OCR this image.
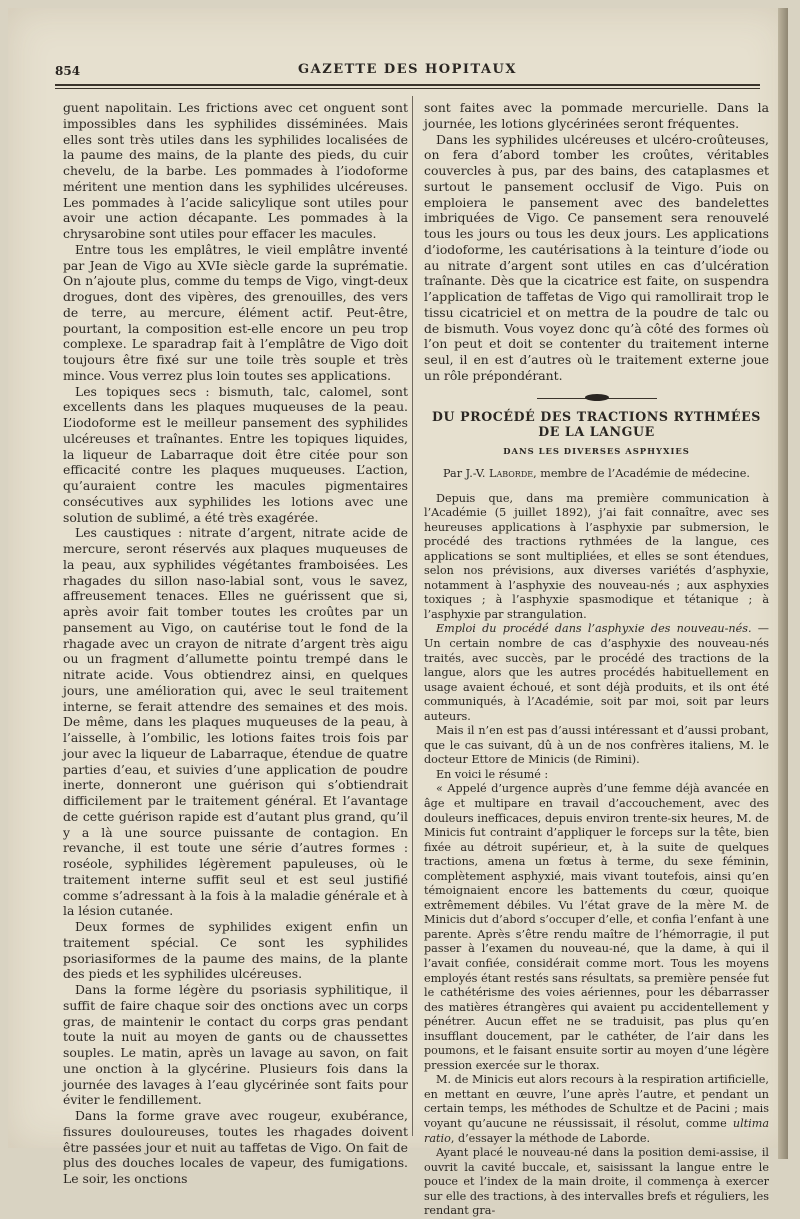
854	GAZETTE DES HOPITAUX

guent napolitain. Les frictions avec cet onguent sont impossibles dans les syphilides disséminées. Mais elles sont très utiles dans les syphilides localisées de la paume des mains, de la plante des pieds, du cuir chevelu, de la barbe. Les pommades à l’iodoforme méritent une mention dans les syphilides ulcéreuses. Les pommades à l’acide salicylique sont utiles pour avoir une action décapante. Les pommades à la chrysarobine sont utiles pour effacer les macules.

Entre tous les emplâtres, le vieil emplâtre inventé par Jean de Vigo au XVIe siècle garde la suprématie. On n’ajoute plus, comme du temps de Vigo, vingt-deux drogues, dont des vipères, des grenouilles, des vers de terre, au mercure, élément actif. Peut-être, pourtant, la composition est-elle encore un peu trop complexe. Le sparadrap fait à l’emplâtre de Vigo doit toujours être fixé sur une toile très souple et très mince. Vous verrez plus loin toutes ses applications.

Les topiques secs : bismuth, talc, calomel, sont excellents dans les plaques muqueuses de la peau. L’iodoforme est le meilleur pansement des syphilides ulcéreuses et traînantes. Entre les topiques liquides, la liqueur de Labarraque doit être citée pour son efficacité contre les plaques muqueuses. L’action, qu’auraient contre les macules pigmentaires consécutives aux syphilides les lotions avec une solution de sublimé, a été très exagérée.

Les caustiques : nitrate d’argent, nitrate acide de mercure, seront réservés aux plaques muqueuses de la peau, aux syphilides végétantes framboisées. Les rhagades du sillon naso-labial sont, vous le savez, affreusement tenaces. Elles ne guérissent que si, après avoir fait tomber toutes les croûtes par un pansement au Vigo, on cautérise tout le fond de la rhagade avec un crayon de nitrate d’argent très aigu ou un fragment d’allumette pointu trempé dans le nitrate acide. Vous obtiendrez ainsi, en quelques jours, une amélioration qui, avec le seul traitement interne, se ferait attendre des semaines et des mois. De même, dans les plaques muqueuses de la peau, à l’aisselle, à l’ombilic, les lotions faites trois fois par jour avec la liqueur de Labarraque, étendue de quatre parties d’eau, et suivies d’une application de poudre inerte, donneront une guérison qui s’obtiendrait difficilement par le traitement général. Et l’avantage de cette guérison rapide est d’autant plus grand, qu’il y a là une source puissante de contagion. En revanche, il est toute une série d’autres formes : roséole, syphilides légèrement papuleuses, où le traitement interne suffit seul et est seul justifié comme s’adressant à la fois à la maladie générale et à la lésion cutanée.

Deux formes de syphilides exigent enfin un traitement spécial. Ce sont les syphilides psoriasiformes de la paume des mains, de la plante des pieds et les syphilides ulcéreuses.

Dans la forme légère du psoriasis syphilitique, il suffit de faire chaque soir des onctions avec un corps gras, de maintenir le contact du corps gras pendant toute la nuit au moyen de gants ou de chaussettes souples. Le matin, après un lavage au savon, on fait une onction à la glycérine. Plusieurs fois dans la journée des lavages à l’eau glycérinée sont faits pour éviter le fendillement.

Dans la forme grave avec rougeur, exubérance, fissures douloureuses, toutes les rhagades doivent être passées jour et nuit au taffetas de Vigo. On fait de plus des douches locales de vapeur, des fumigations. Le soir, les onctions

sont faites avec la pommade mercurielle. Dans la journée, les lotions glycérinées seront fréquentes.

Dans les syphilides ulcéreuses et ulcéro-croûteuses, on fera d’abord tomber les croûtes, véritables couvercles à pus, par des bains, des cataplasmes et surtout le pansement occlusif de Vigo. Puis on emploiera le pansement avec des bandelettes imbriquées de Vigo. Ce pansement sera renouvelé tous les jours ou tous les deux jours. Les applications d’iodoforme, les cautérisations à la teinture d’iode ou au nitrate d’argent sont utiles en cas d’ulcération traînante. Dès que la cicatrice est faite, on suspendra l’application de taffetas de Vigo qui ramollirait trop le tissu cicatriciel et on mettra de la poudre de talc ou de bismuth. Vous voyez donc qu’à côté des formes où l’on peut et doit se contenter du traitement interne seul, il en est d’autres où le traitement externe joue un rôle prépondérant.

DU PROCÉDÉ DES TRACTIONS RYTHMÉES DE LA LANGUE
DANS LES DIVERSES ASPHYXIES
Par J.-V. Laborde, membre de l’Académie de médecine.

Depuis que, dans ma première communication à l’Académie (5 juillet 1892), j’ai fait connaître, avec ses heureuses applications à l’asphyxie par submersion, le procédé des tractions rythmées de la langue, ces applications se sont multipliées, et elles se sont étendues, selon nos prévisions, aux diverses variétés d’asphyxie, notamment à l’asphyxie des nouveau-nés ; aux asphyxies toxiques ; à l’asphyxie spasmodique et tétanique ; à l’asphyxie par strangulation.

Emploi du procédé dans l’asphyxie des nouveau-nés. — Un certain nombre de cas d’asphyxie des nouveau-nés traités, avec succès, par le procédé des tractions de la langue, alors que les autres procédés habituellement en usage avaient échoué, et sont déjà produits, et ils ont été communiqués, à l’Académie, soit par moi, soit par leurs auteurs.

Mais il n’en est pas d’aussi intéressant et d’aussi probant, que le cas suivant, dû à un de nos confrères italiens, M. le docteur Ettore de Minicis (de Rimini).

En voici le résumé :

« Appelé d’urgence auprès d’une femme déjà avancée en âge et multipare en travail d’accouchement, avec des douleurs inefficaces, depuis environ trente-six heures, M. de Minicis fut contraint d’appliquer le forceps sur la tête, bien fixée au détroit supérieur, et, à la suite de quelques tractions, amena un fœtus à terme, du sexe féminin, complètement asphyxié, mais vivant toutefois, ainsi qu’en témoignaient encore les battements du cœur, quoique extrêmement débiles. Vu l’état grave de la mère M. de Minicis dut d’abord s’occuper d’elle, et confia l’enfant à une parente. Après s’être rendu maître de l’hémorragie, il put passer à l’examen du nouveau-né, que la dame, à qui il l’avait confiée, considérait comme mort. Tous les moyens employés étant restés sans résultats, sa première pensée fut le cathétérisme des voies aériennes, pour les débarrasser des matières étrangères qui avaient pu accidentellement y pénétrer. Aucun effet ne se traduisit, pas plus qu’en insufflant doucement, par le cathéter, de l’air dans les poumons, et le faisant ensuite sortir au moyen d’une légère pression exercée sur le thorax.

M. de Minicis eut alors recours à la respiration artificielle, en mettant en œuvre, l’une après l’autre, et pendant un certain temps, les méthodes de Schultze et de Pacini ; mais voyant qu’aucune ne réussissait, il résolut, comme ultima ratio, d’essayer la méthode de Laborde.

Ayant placé le nouveau-né dans la position demi-assise, il ouvrit la cavité buccale, et, saisissant la langue entre le pouce et l’index de la main droite, il commença à exercer sur elle des tractions, à des intervalles brefs et réguliers, les rendant gra-
